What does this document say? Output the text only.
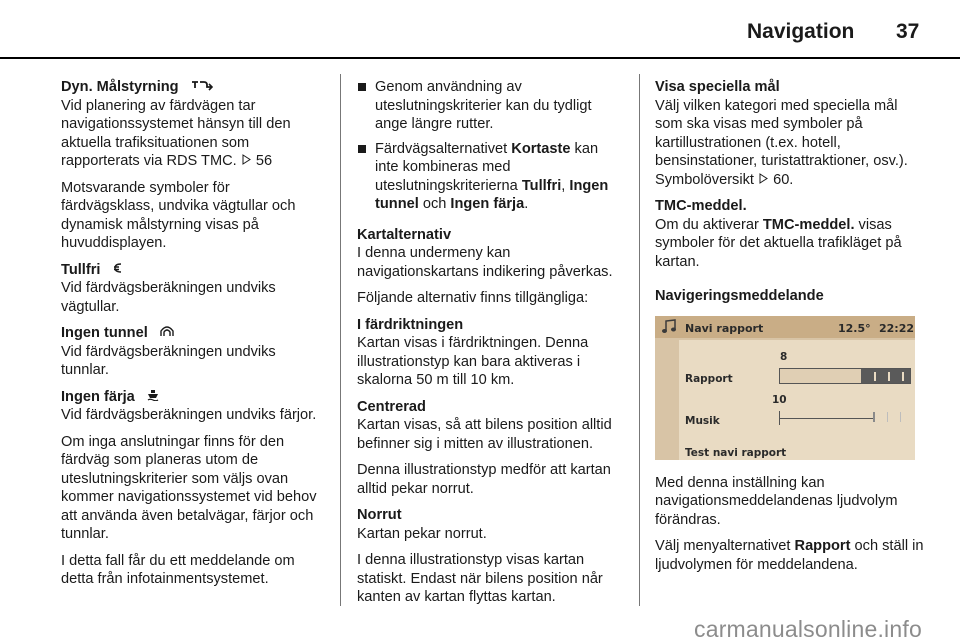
Navigation 37
Dyn. Målstyrning
Vid planering av färdvägen tar navigationssystemet hänsyn till den aktuella trafiksituationen som rapporterats via RDS TMC. 56
Motsvarande symboler för färdvägsklass, undvika vägtullar och dynamisk målstyrning visas på huvuddisplayen.
Tullfri
Vid färdvägsberäkningen undviks vägtullar.
Ingen tunnel
Vid färdvägsberäkningen undviks tunnlar.
Ingen färja
Vid färdvägsberäkningen undviks färjor.
Om inga anslutningar finns för den färdväg som planeras utom de uteslutningskriterier som väljs ovan kommer navigationssystemet vid behov att använda även betalvägar, färjor och tunnlar.
I detta fall får du ett meddelande om detta från infotainmentsystemet.
Genom användning av uteslutningskriterier kan du tydligt ange längre rutter.
Färdvägsalternativet Kortaste kan inte kombineras med uteslutningskriterierna Tullfri, Ingen tunnel och Ingen färja.
Kartalternativ
I denna undermeny kan navigationskartans indikering påverkas.
Följande alternativ finns tillgängliga:
I färdriktningen
Kartan visas i färdriktningen. Denna illustrationstyp kan bara aktiveras i skalorna 50 m till 10 km.
Centrerad
Kartan visas, så att bilens position alltid befinner sig i mitten av illustrationen.
Denna illustrationstyp medför att kartan alltid pekar norrut.
Norrut
Kartan pekar norrut.
I denna illustrationstyp visas kartan statiskt. Endast när bilens position når kanten av kartan flyttas kartan.
Visa speciella mål
Välj vilken kategori med speciella mål som ska visas med symboler på kartillustrationen (t.ex. hotell, bensinstationer, turistattraktioner, osv.). Symbolöversikt 60.
TMC-meddel.
Om du aktiverar TMC-meddel. visas symboler för det aktuella trafikläget på kartan.
Navigeringsmeddelande
Navi rapport	12.5° 22:22
8
Rapport
10
Musik
Test navi rapport
Med denna inställning kan navigationsmeddelandenas ljudvolym förändras.
Välj menyalternativet Rapport och ställ in ljudvolymen för meddelandena.
carmanualsonline.info
